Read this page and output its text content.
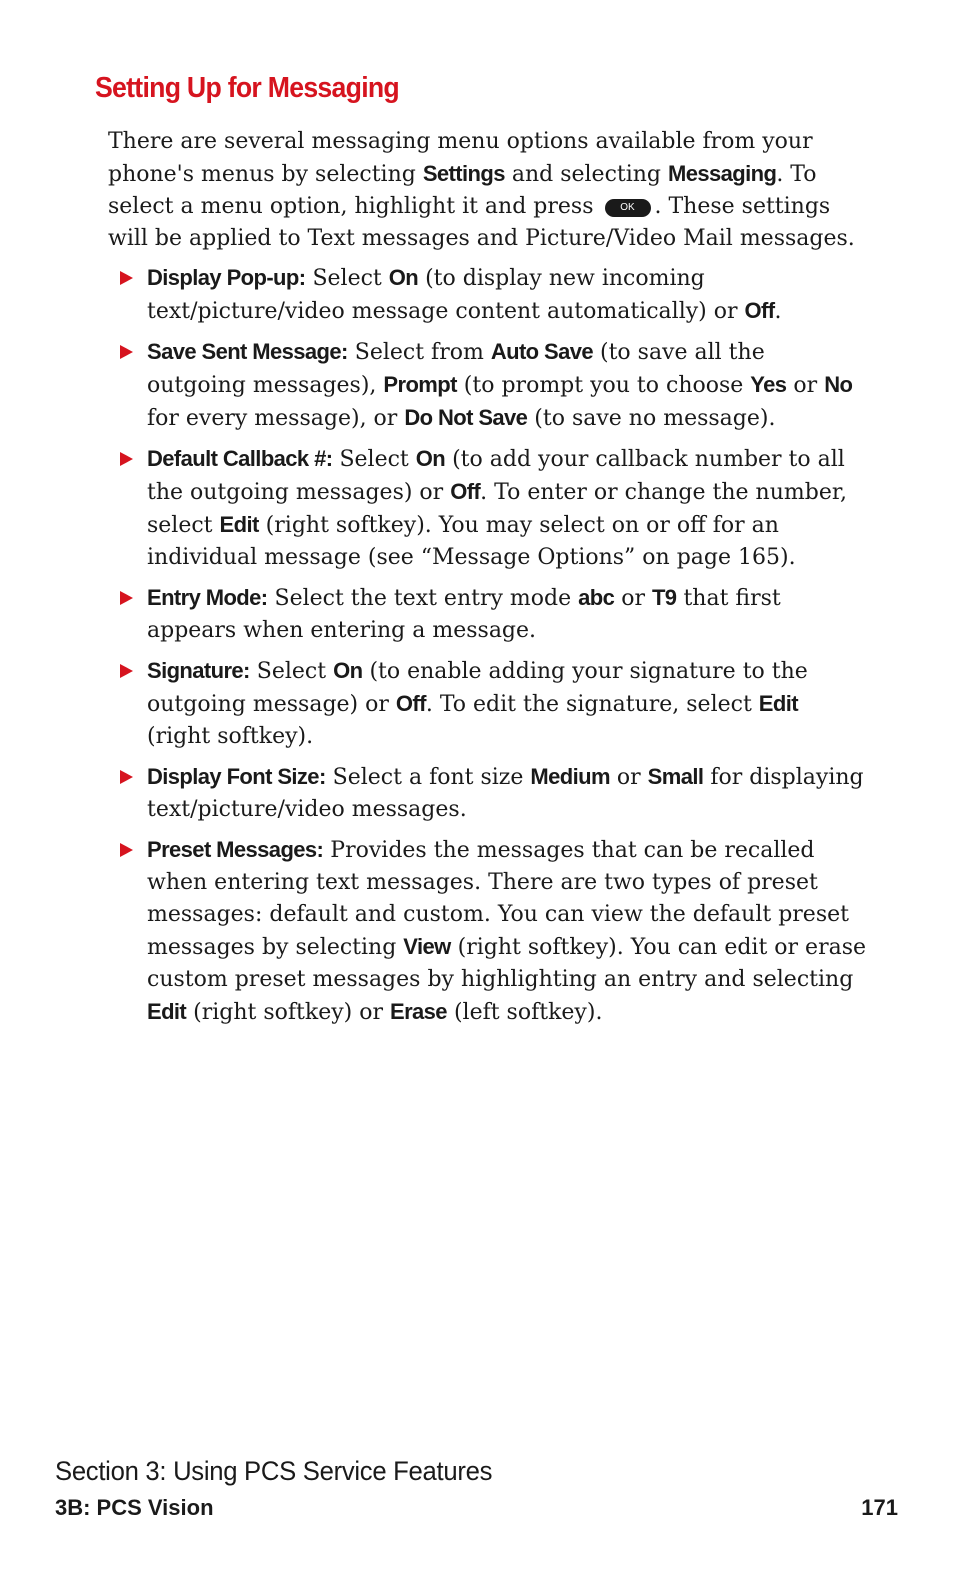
Setting Up for Messaging

There are several messaging menu options available from your phone's menus by selecting Settings and selecting Messaging. To select a menu option, highlight it and press OK . These settings will be applied to Text messages and Picture/Video Mail messages.

Display Pop-up: Select On (to display new incoming text/picture/video message content automatically) or Off.
Save Sent Message: Select from Auto Save (to save all the outgoing messages), Prompt (to prompt you to choose Yes or No for every message), or Do Not Save (to save no message).
Default Callback #: Select On (to add your callback number to all the outgoing messages) or Off. To enter or change the number, select Edit (right softkey). You may select on or off for an individual message (see “Message Options” on page 165).
Entry Mode: Select the text entry mode abc or T9 that first appears when entering a message.
Signature: Select On (to enable adding your signature to the outgoing message) or Off. To edit the signature, select Edit (right softkey).
Display Font Size: Select a font size Medium or Small for displaying text/picture/video messages.
Preset Messages: Provides the messages that can be recalled when entering text messages. There are two types of preset messages: default and custom. You can view the default preset messages by selecting View (right softkey). You can edit or erase custom preset messages by highlighting an entry and selecting Edit (right softkey) or Erase (left softkey).
Section 3: Using PCS Service Features
3B: PCS Vision	171
